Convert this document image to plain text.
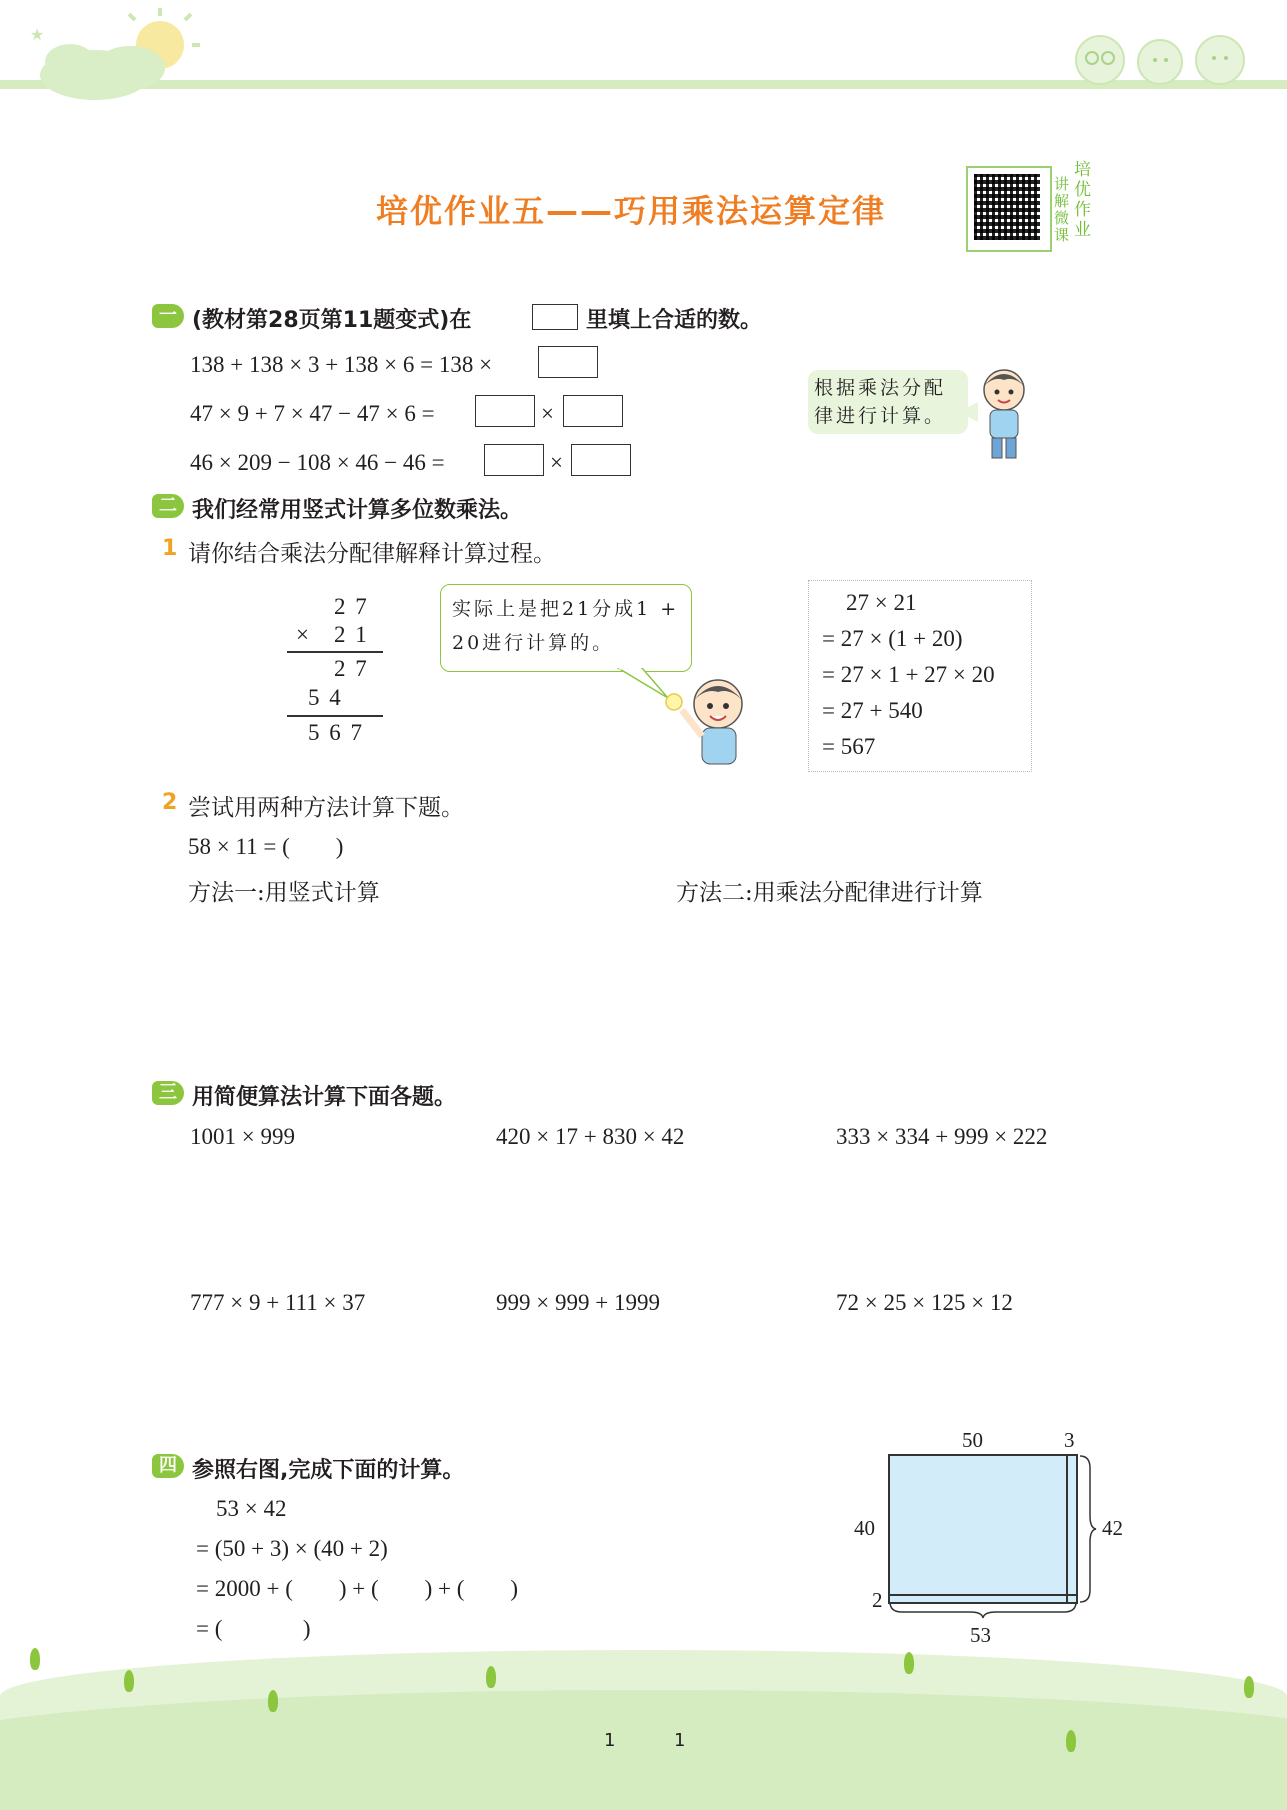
★
培优作业五——巧用乘法运算定律
培优作业
讲解微课
一 (教材第28页第11题变式)在	里填上合适的数。
138 + 138 × 3 + 138 × 6 = 138 ×
47 × 9 + 7 × 47 − 47 × 6 =	×
46 × 209 − 108 × 46 − 46 =	×
根据乘法分配律进行计算。
二 我们经常用竖式计算多位数乘法。
1 请你结合乘法分配律解释计算过程。
2 7
× 2 1
2 7
5 4
5 6 7
实际上是把21分成1 + 20进行计算的。
27 × 21
= 27 × (1 + 20)
= 27 × 1 + 27 × 20
= 27 + 540
= 567
2 尝试用两种方法计算下题。
58 × 11 = (        )
方法一:用竖式计算	方法二:用乘法分配律进行计算
三 用简便算法计算下面各题。
1001 × 999	420 × 17 + 830 × 42	333 × 334 + 999 × 222
777 × 9 + 111 × 37	999 × 999 + 1999	72 × 25 × 125 × 12
四 参照右图,完成下面的计算。
53 × 42
= (50 + 3) × (40 + 2)
= 2000 + (        ) + (        ) + (        )
= (              )
50	3
40
2
42
53
1	1
